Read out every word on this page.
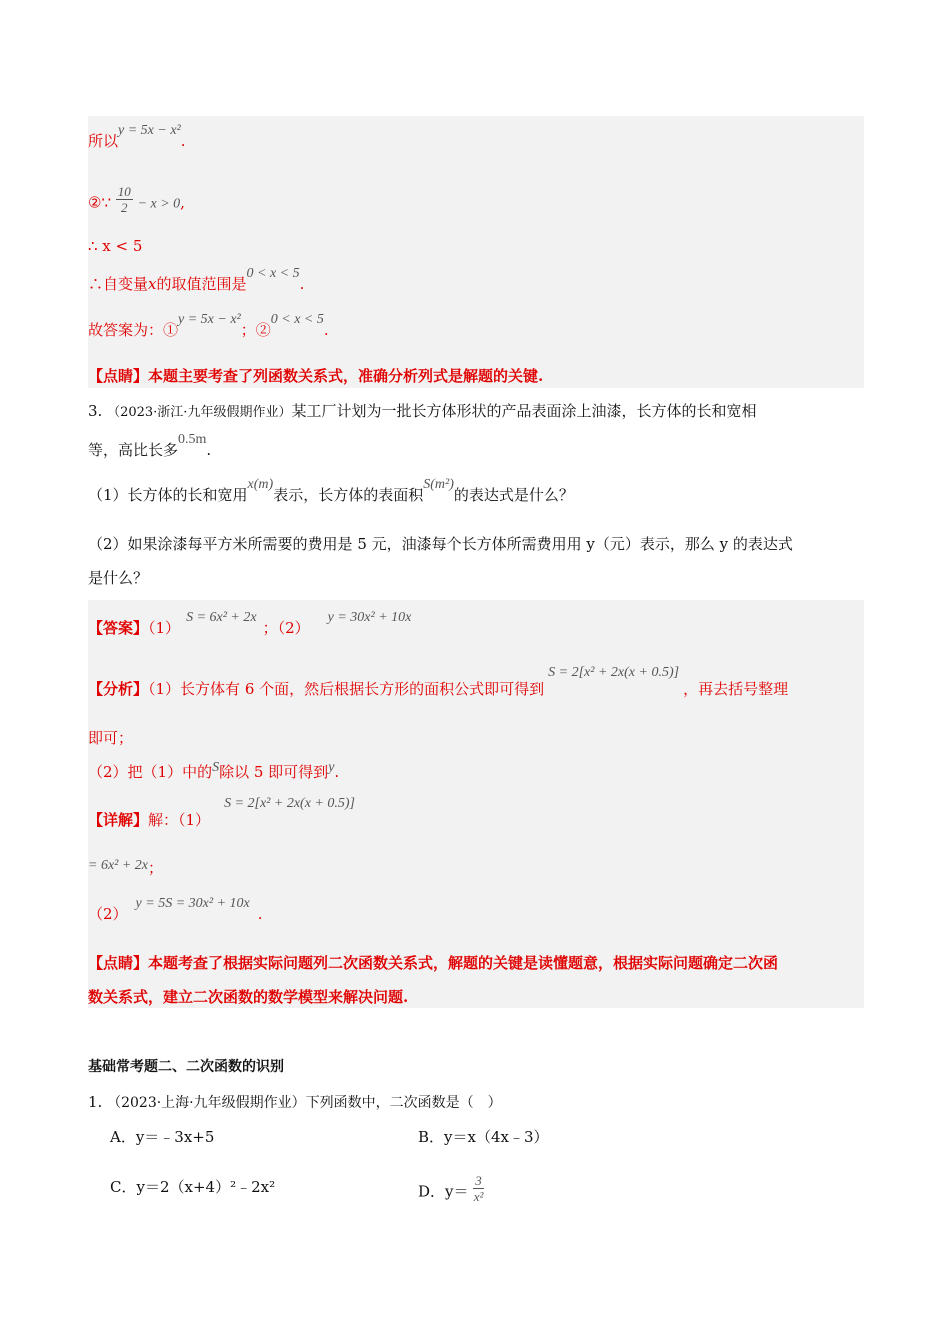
所以y = 5x − x².
②∵ $\frac{10}{2} - x > 0$,
∴ x < 5
∴自变量x的取值范围是0 < x < 5.
故答案为：①y = 5x − x²；②0 < x < 5.
【点睛】本题主要考查了列函数关系式，准确分析列式是解题的关键.
3. （2023·浙江·九年级假期作业）某工厂计划为一批长方体形状的产品表面涂上油漆，长方体的长和宽相
等，高比长多0.5m.
（1）长方体的长和宽用x(m)表示，长方体的表面积S(m²)的表达式是什么？
（2）如果涂漆每平方米所需要的费用是 5 元，油漆每个长方体所需费用用 y（元）表示，那么 y 的表达式
是什么？
【答案】（1）S = 6x² + 2x；（2）y = 30x² + 10x
【分析】（1）长方体有 6 个面，然后根据长方形的面积公式即可得到S = 2[x² + 2x(x + 0.5)]，再去括号整理
即可；
（2）把（1）中的S除以 5 即可得到y.
【详解】解：（1）S = 2[x² + 2x(x + 0.5)]
= 6x² + 2x；
（2）y = 5S = 30x² + 10x.
【点睛】本题考查了根据实际问题列二次函数关系式，解题的关键是读懂题意，根据实际问题确定二次函
数关系式，建立二次函数的数学模型来解决问题.
基础常考题二、二次函数的识别
1. （2023·上海·九年级假期作业）下列函数中，二次函数是（　）
A．y＝﹣3x+5	B．y＝x（4x﹣3）
C．y＝2（x+4）²﹣2x²	D．$y= \frac{3}{\text{x²}}$
